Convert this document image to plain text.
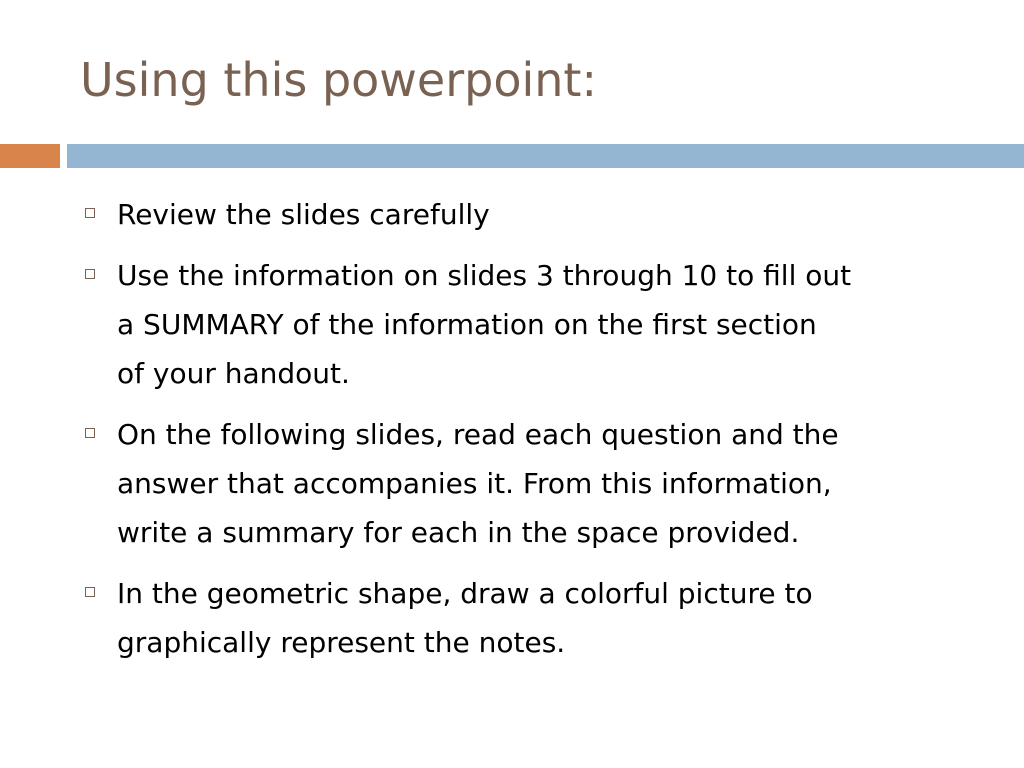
Using this powerpoint:
Review the slides carefully
Use the information on slides 3 through 10 to fill out
a SUMMARY of the information on the first section
of your handout.
On the following slides, read each question and the
answer that accompanies it. From this information,
write a summary for each in the space provided.
In the geometric shape, draw a colorful picture to
graphically represent the notes.
